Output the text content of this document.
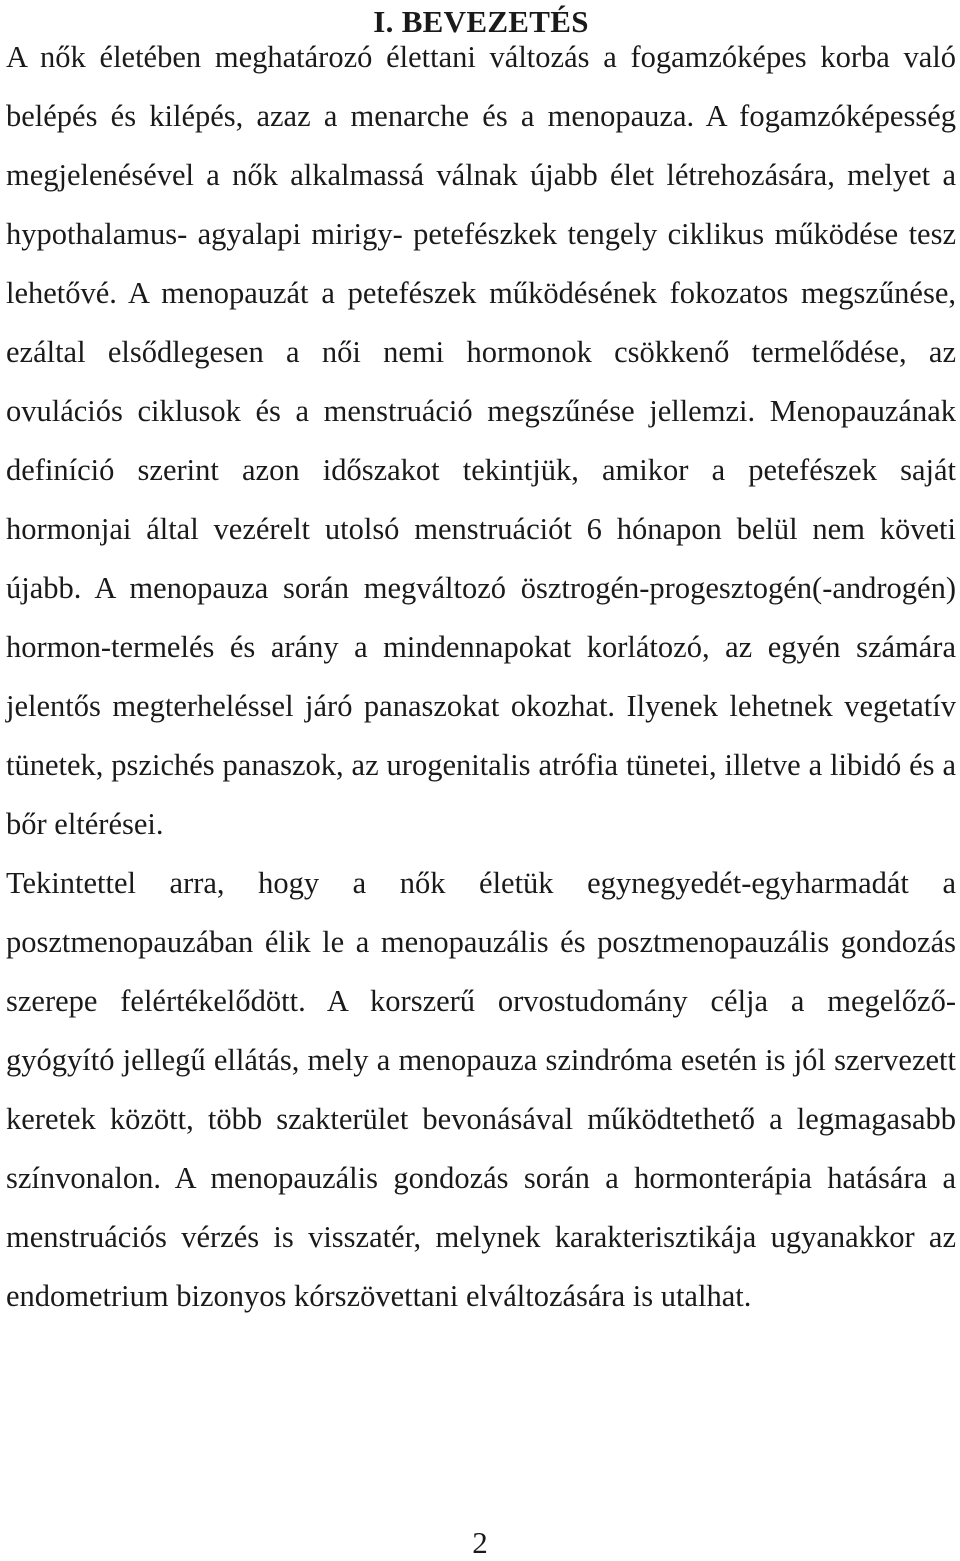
I. BEVEZETÉS

A nők életében meghatározó élettani változás a fogamzóképes korba való belépés és kilépés, azaz a menarche és a menopauza. A fogamzóképesség megjelenésével a nők alkalmassá válnak újabb élet létrehozására, melyet a hypothalamus- agyalapi mirigy- petefészkek tengely ciklikus működése tesz lehetővé. A menopauzát a petefészek működésének fokozatos megszűnése, ezáltal elsődlegesen a női nemi hormonok csökkenő termelődése, az ovulációs ciklusok és a menstruáció megszűnése jellemzi. Menopauzának definíció szerint azon időszakot tekintjük, amikor a petefészek saját hormonjai által vezérelt utolsó menstruációt 6 hónapon belül nem követi újabb. A menopauza során megváltozó ösztrogén-progesztogén(-androgén) hormon-termelés és arány a mindennapokat korlátozó, az egyén számára jelentős megterheléssel járó panaszokat okozhat. Ilyenek lehetnek vegetatív tünetek, pszichés panaszok, az urogenitalis atrófia tünetei, illetve a libidó és a bőr eltérései.

Tekintettel arra, hogy a nők életük egynegyedét-egyharmadát a posztmenopauzában élik le a menopauzális és posztmenopauzális gondozás szerepe felértékelődött. A korszerű orvostudomány célja a megelőző-gyógyító jellegű ellátás, mely a menopauza szindróma esetén is jól szervezett keretek között, több szakterület bevonásával működtethető a legmagasabb színvonalon. A menopauzális gondozás során a hormonterápia hatására a menstruációs vérzés is visszatér, melynek karakterisztikája ugyanakkor az endometrium bizonyos kórszövettani elváltozására is utalhat.

2
